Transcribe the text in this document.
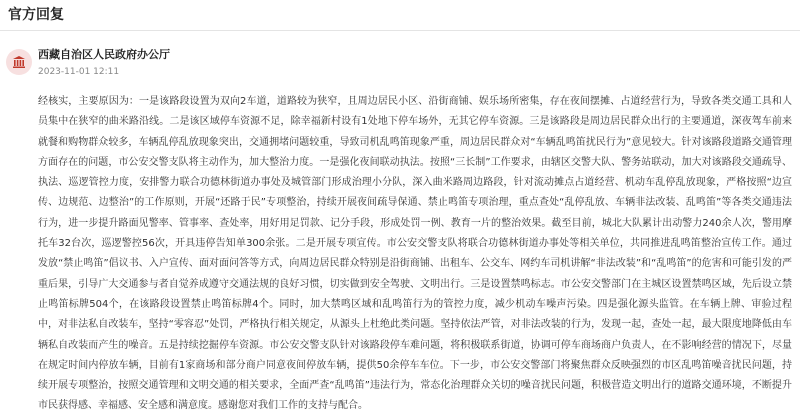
官方回复
西藏自治区人民政府办公厅
2023-11-01 12:11

经核实，主要原因为：一是该路段设置为双向2车道，道路较为狭窄，且周边居民小区、沿街商铺、娱乐场所密集，存在夜间摆摊、占道经营行为，导致各类交通工具和人员集中在狭窄的曲米路沿线。二是该区域停车资源不足，除幸福新村设有1处地下停车场外，无其它停车资源。三是该路段是周边居民群众出行的主要通道，深夜驾车前来就餐和购物群众较多，车辆乱停乱放现象突出，交通拥堵问题较重，导致司机乱鸣笛现象严重，周边居民群众对“车辆乱鸣笛扰民行为”意见较大。针对该路段道路交通管理方面存在的问题，市公安交警支队将主动作为，加大整治力度。一是强化夜间联动执法。按照“三长制”工作要求，由辖区交警大队、警务站联动，加大对该路段交通疏导、执法、巡逻管控力度，安排警力联合功德林街道办事处及城管部门形成治理小分队，深入曲米路周边路段，针对流动摊点占道经营、机动车乱停乱放现象，严格按照“边宣传、边规范、边整治”的工作原则，开展“还路于民”专项整治，持续开展夜间疏导保通、禁止鸣笛专项治理，重点查处“乱停乱放、车辆非法改装、乱鸣笛”等各类交通违法行为，进一步提升路面见警率、管事率、查处率，用好用足罚款、记分手段，形成处罚一例、教育一片的整治效果。截至目前，城北大队累计出动警力240余人次，警用摩托车32台次，巡逻警控56次，开具违停告知单300余张。二是开展专项宣传。市公安交警支队将联合功德林街道办事处等相关单位，共同推进乱鸣笛整治宣传工作。通过发放“禁止鸣笛”倡议书、入户宣传、面对面问答等方式，向周边居民群众特别是沿街商铺、出租车、公交车、网约车司机讲解“非法改装”和“乱鸣笛”的危害和可能引发的严重后果，引导广大交通参与者自觉养成遵守交通法规的良好习惯，切实做到安全驾驶、文明出行。三是设置禁鸣标志。市公安交警部门在主城区设置禁鸣区域，先后设立禁止鸣笛标牌504个，在该路段设置禁止鸣笛标牌4个。同时，加大禁鸣区域和乱鸣笛行为的管控力度，减少机动车噪声污染。四是强化源头监管。在车辆上牌、审验过程中，对非法私自改装车，坚持“零容忍”处罚，严格执行相关规定，从源头上杜绝此类问题。坚持依法严管，对非法改装的行为，发现一起，查处一起，最大限度地降低由车辆私自改装而产生的噪音。五是持续挖掘停车资源。市公安交警支队针对该路段停车难问题，将积极联系街道，协调可停车商场商户负责人，在不影响经营的情况下，尽量在规定时间内停放车辆，目前有1家商场和部分商户同意夜间停放车辆，提供50余停车车位。下一步，市公安交警部门将聚焦群众反映强烈的市区乱鸣笛噪音扰民问题，持续开展专项整治，按照交通管理和文明交通的相关要求，全面严查“乱鸣笛”违法行为，常态化治理群众关切的噪音扰民问题，积极营造文明出行的道路交通环境，不断提升市民获得感、幸福感、安全感和满意度。感谢您对我们工作的支持与配合。
